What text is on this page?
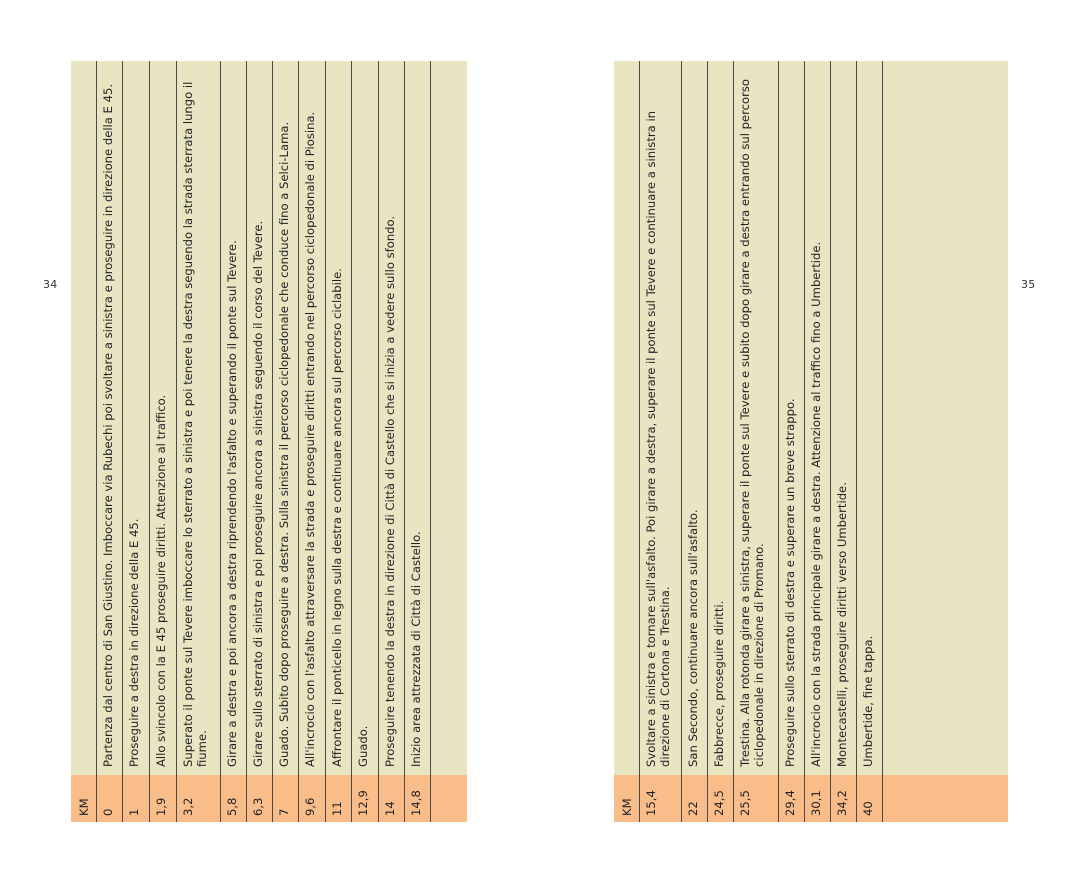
34	35
KM 0
Partenza dal centro di San Giustino. Imboccare via Rubechi poi svoltare a sinistra e proseguire in direzione della E 45.
1
Proseguire a destra in direzione della E 45.
1,9
Allo svincolo con la E 45 proseguire diritti. Attenzione al traffico.
3,2
Superato il ponte sul Tevere imboccare lo sterrato a sinistra e poi tenere la destra seguendo la strada sterrata lungo il fiume.
5,8
Girare a destra e poi ancora a destra riprendendo l'asfalto e superando il ponte sul Tevere.
6,3
Girare sullo sterrato di sinistra e poi proseguire ancora a sinistra seguendo il corso del Tevere.
7
Guado. Subito dopo proseguire a destra. Sulla sinistra il percorso ciclopedonale che conduce fino a Selci-Lama.
9,6
All'incrocio con l'asfalto attraversare la strada e proseguire diritti entrando nel percorso ciclopedonale di Piosina.
11
Affrontare il ponticello in legno sulla destra e continuare ancora sul percorso ciclabile.
12,9
Guado.
14
Proseguire tenendo la destra in direzione di Città di Castello che si inizia a vedere sullo sfondo.
14,8
Inizio area attrezzata di Città di Castello.
KM 15,4
Svoltare a sinistra e tornare sull'asfalto. Poi girare a destra, superare il ponte sul Tevere e continuare a sinistra in direzione di Cortona e Trestina.
22
San Secondo, continuare ancora sull'asfalto.
24,5
Fabbrecce, proseguire diritti.
25,5
Trestina. Alla rotonda girare a sinistra, superare il ponte sul Tevere e subito dopo girare a destra entrando sul percorso ciclopedonale in direzione di Promano.
29,4
Proseguire sullo sterrato di destra e superare un breve strappo.
30,1
All'incrocio con la strada principale girare a destra. Attenzione al traffico fino a Umbertide.
34,2
Montecastelli, proseguire diritti verso Umbertide.
40
Umbertide, fine tappa.
